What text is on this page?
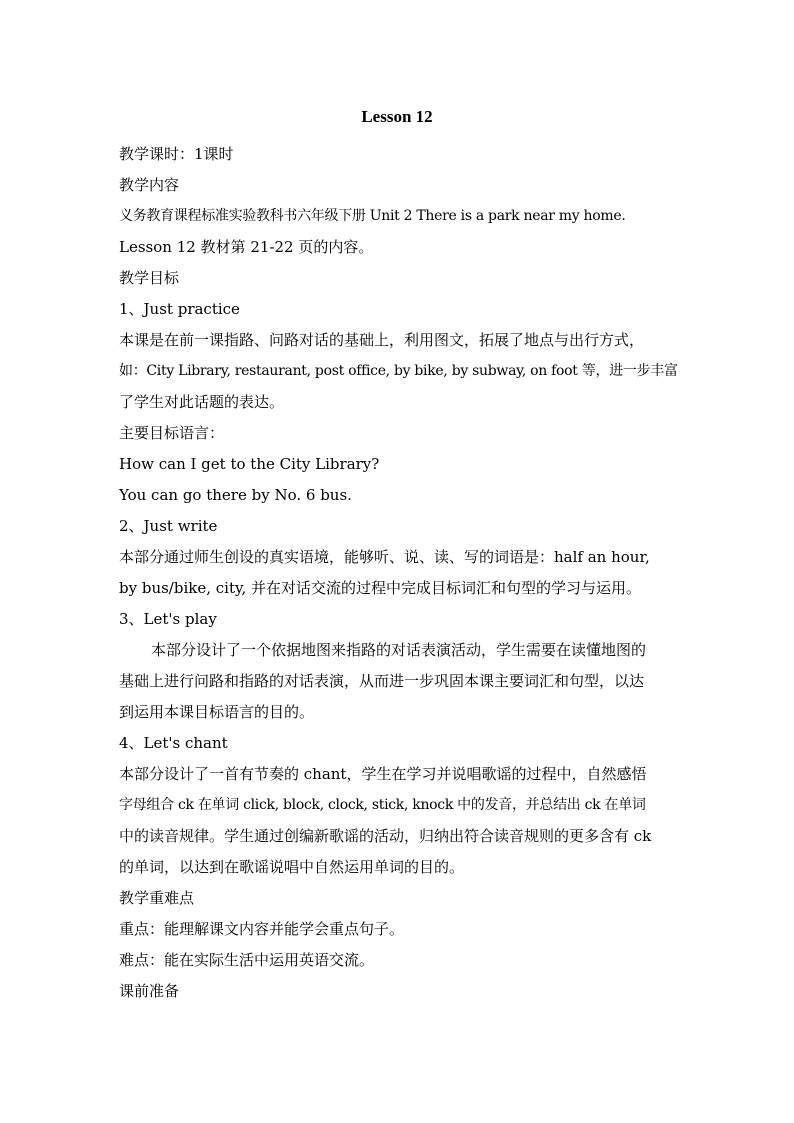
Lesson 12

教学课时：1课时

教学内容

义务教育课程标准实验教科书六年级下册 Unit 2 There is a park near my home.

Lesson 12 教材第 21-22 页的内容。

教学目标

1、Just practice

本课是在前一课指路、问路对话的基础上，利用图文，拓展了地点与出行方式，

如：City Library, restaurant, post office, by bike, by subway, on foot 等，进一步丰富

了学生对此话题的表达。

主要目标语言：

How can I get to the City Library?

You can go there by No. 6 bus.

2、Just write

本部分通过师生创设的真实语境，能够听、说、读、写的词语是：half an hour,

by bus/bike, city, 并在对话交流的过程中完成目标词汇和句型的学习与运用。

3、Let's play

本部分设计了一个依据地图来指路的对话表演活动，学生需要在读懂地图的

基础上进行问路和指路的对话表演，从而进一步巩固本课主要词汇和句型，以达

到运用本课目标语言的目的。

4、Let's chant

本部分设计了一首有节奏的 chant，学生在学习并说唱歌谣的过程中，自然感悟

字母组合 ck 在单词 click, block, clock, stick, knock 中的发音，并总结出 ck 在单词

中的读音规律。学生通过创编新歌谣的活动，归纳出符合读音规则的更多含有 ck

的单词，以达到在歌谣说唱中自然运用单词的目的。

教学重难点

重点：能理解课文内容并能学会重点句子。

难点：能在实际生活中运用英语交流。

课前准备
